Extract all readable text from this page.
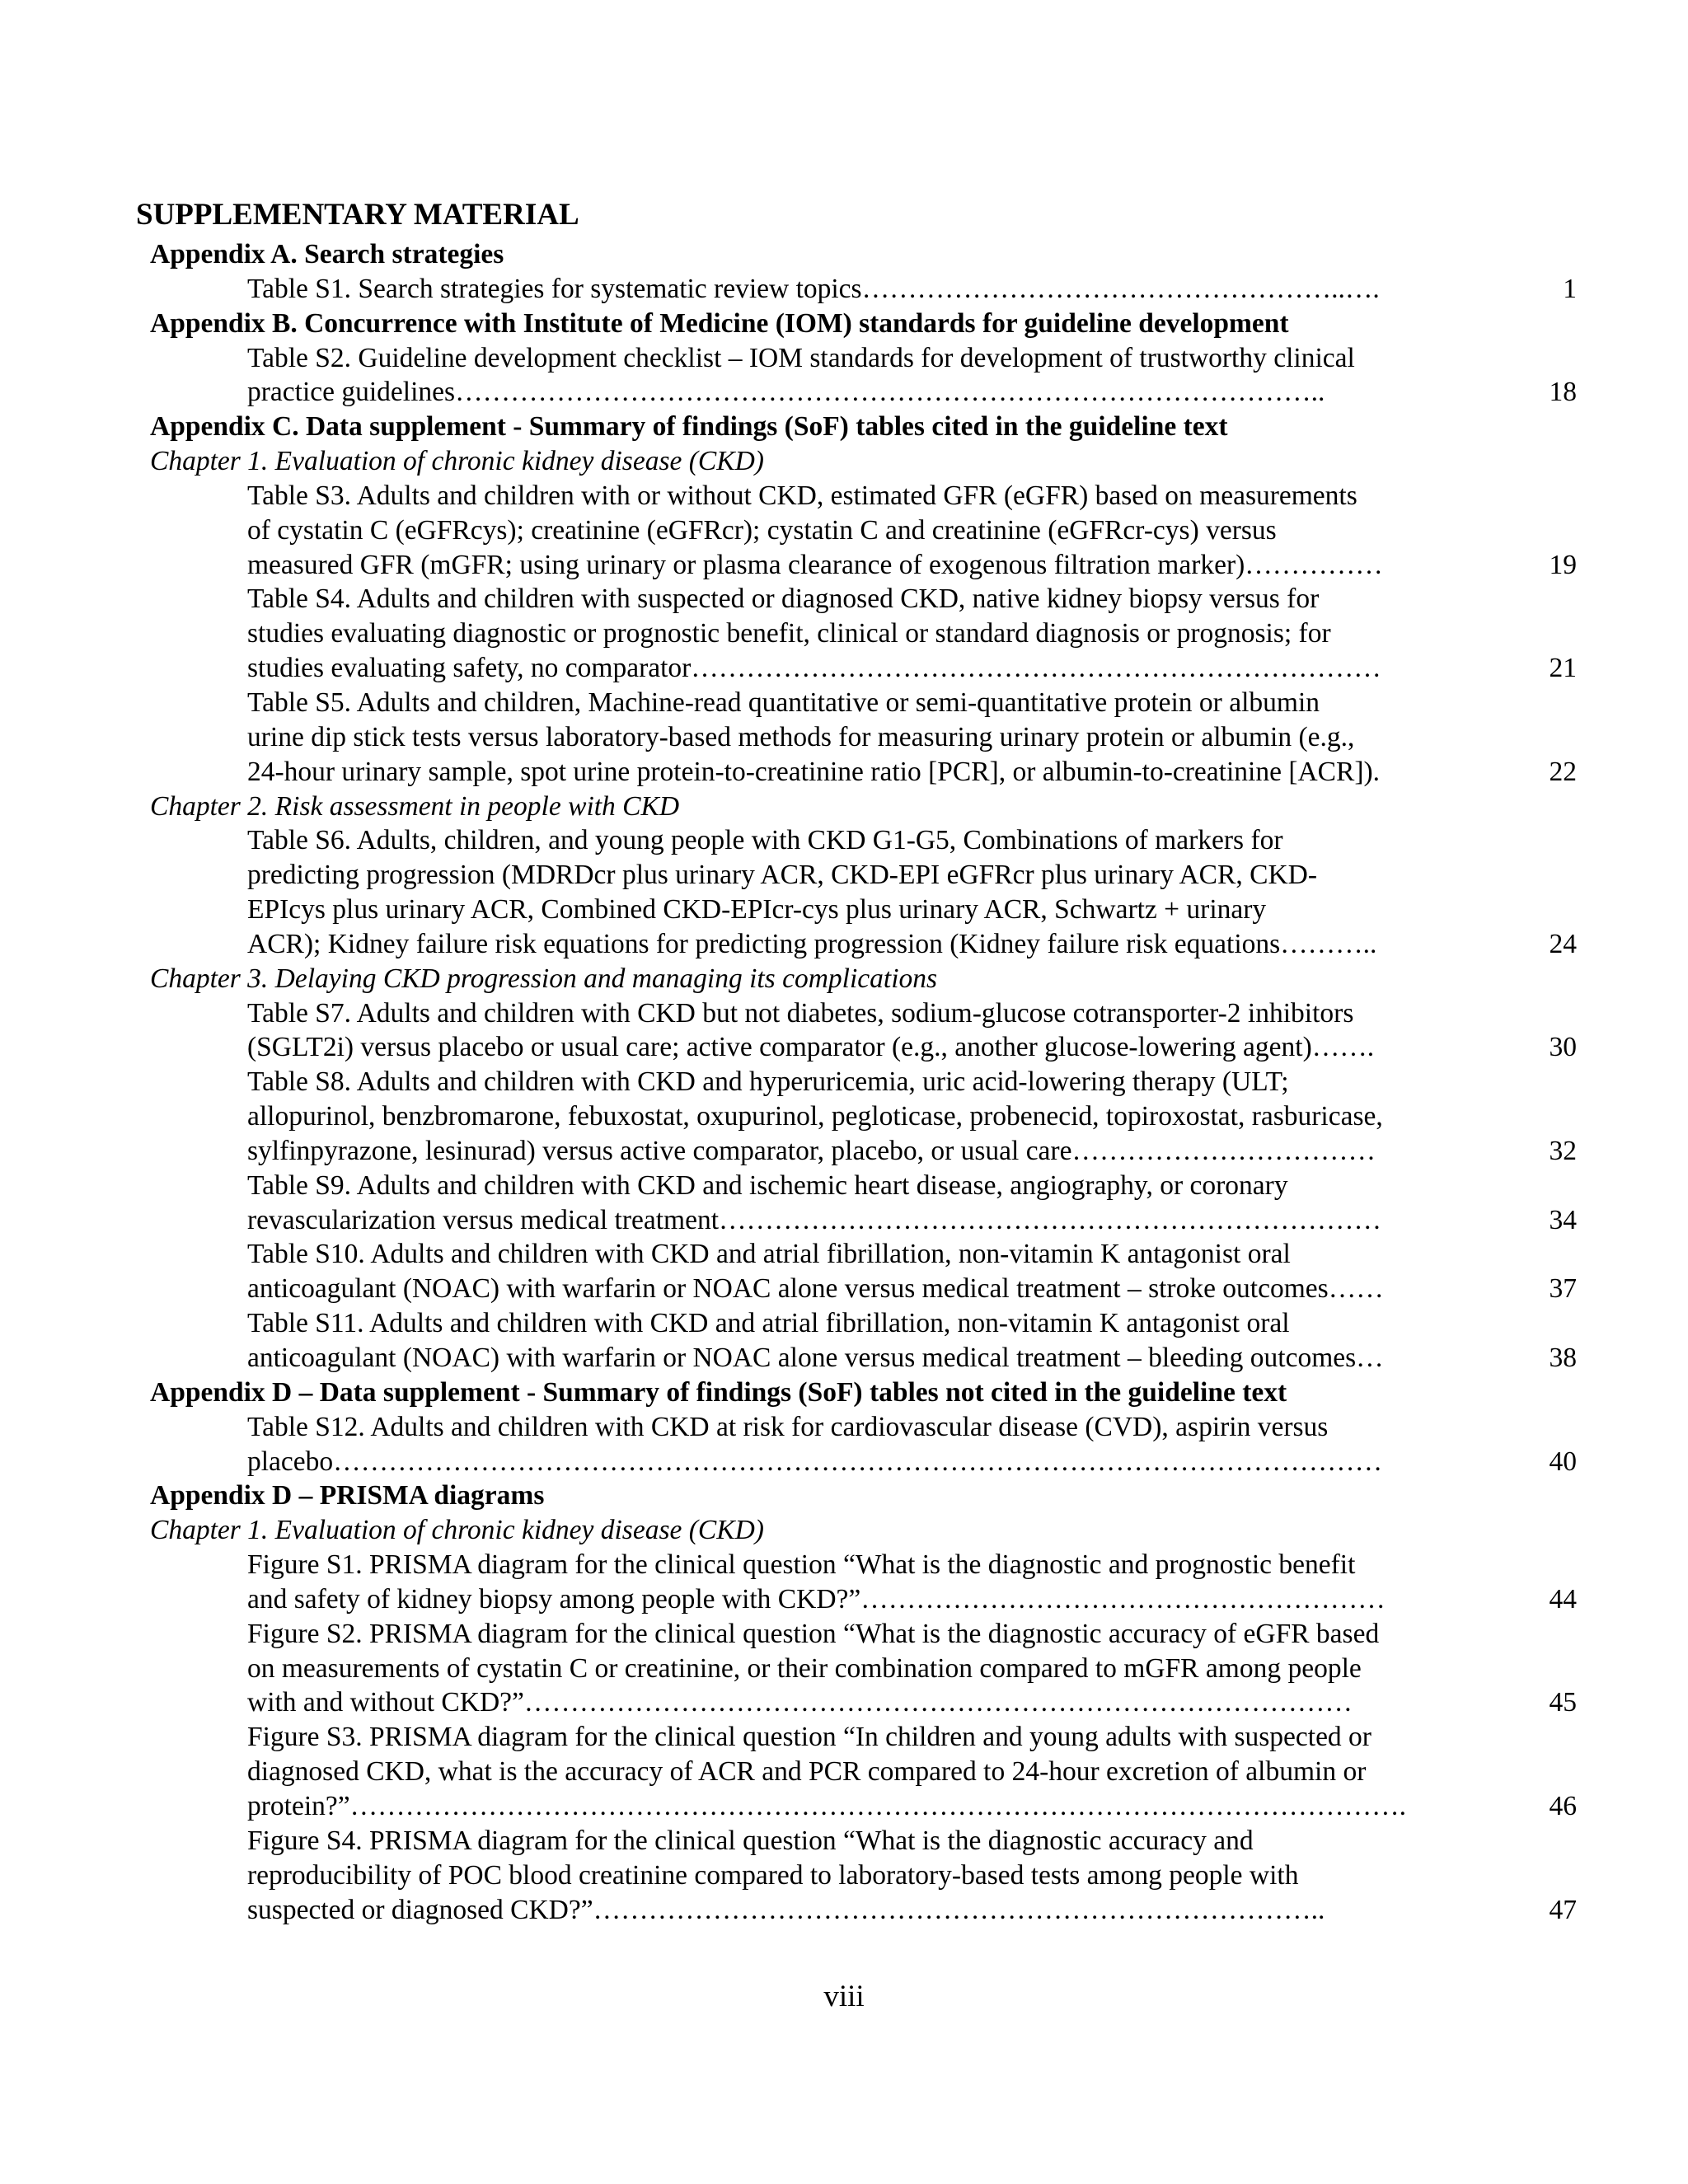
SUPPLEMENTARY MATERIAL
Appendix A. Search strategies
Table S1. Search strategies for systematic review topics……………………………………………..….	1
Appendix B. Concurrence with Institute of Medicine (IOM) standards for guideline development
Table S2. Guideline development checklist – IOM standards for development of trustworthy clinical
practice guidelines…………………………………………………………………………………..	18
Appendix C. Data supplement - Summary of findings (SoF) tables cited in the guideline text
Chapter 1. Evaluation of chronic kidney disease (CKD)
Table S3. Adults and children with or without CKD, estimated GFR (eGFR) based on measurements
of cystatin C (eGFRcys); creatinine (eGFRcr); cystatin C and creatinine (eGFRcr-cys) versus
measured GFR (mGFR; using urinary or plasma clearance of exogenous filtration marker)……………	19
Table S4. Adults and children with suspected or diagnosed CKD, native kidney biopsy versus for
studies evaluating diagnostic or prognostic benefit, clinical or standard diagnosis or prognosis; for
studies evaluating safety, no comparator…………………………………………………………………	21
Table S5. Adults and children, Machine-read quantitative or semi-quantitative protein or albumin
urine dip stick tests versus laboratory-based methods for measuring urinary protein or albumin (e.g.,
24-hour urinary sample, spot urine protein-to-creatinine ratio [PCR], or albumin-to-creatinine [ACR]).	22
Chapter 2. Risk assessment in people with CKD
Table S6. Adults, children, and young people with CKD G1-G5, Combinations of markers for
predicting progression (MDRDcr plus urinary ACR, CKD-EPI eGFRcr plus urinary ACR, CKD-
EPIcys plus urinary ACR, Combined CKD-EPIcr-cys plus urinary ACR, Schwartz + urinary
ACR); Kidney failure risk equations for predicting progression (Kidney failure risk equations………..	24
Chapter 3. Delaying CKD progression and managing its complications
Table S7. Adults and children with CKD but not diabetes, sodium-glucose cotransporter-2 inhibitors
(SGLT2i) versus placebo or usual care; active comparator (e.g., another glucose-lowering agent)…….	30
Table S8. Adults and children with CKD and hyperuricemia, uric acid-lowering therapy (ULT;
allopurinol, benzbromarone, febuxostat, oxupurinol, pegloticase, probenecid, topiroxostat, rasburicase,
sylfinpyrazone, lesinurad) versus active comparator, placebo, or usual care……………………………	32
Table S9. Adults and children with CKD and ischemic heart disease, angiography, or coronary
revascularization versus medical treatment………………………………………………………………	34
Table S10. Adults and children with CKD and atrial fibrillation, non-vitamin K antagonist oral
anticoagulant (NOAC) with warfarin or NOAC alone versus medical treatment – stroke outcomes……	37
Table S11. Adults and children with CKD and atrial fibrillation, non-vitamin K antagonist oral
anticoagulant (NOAC) with warfarin or NOAC alone versus medical treatment – bleeding outcomes…	38
Appendix D – Data supplement - Summary of findings (SoF) tables not cited in the guideline text
Table S12. Adults and children with CKD at risk for cardiovascular disease (CVD), aspirin versus
placebo……………………………………………………………………………………………………	40
Appendix D – PRISMA diagrams
Chapter 1. Evaluation of chronic kidney disease (CKD)
Figure S1. PRISMA diagram for the clinical question “What is the diagnostic and prognostic benefit
and safety of kidney biopsy among people with CKD?”…………………………………………………	44
Figure S2. PRISMA diagram for the clinical question “What is the diagnostic accuracy of eGFR based
on measurements of cystatin C or creatinine, or their combination compared to mGFR among people
with and without CKD?”………………………………………………………………………………	45
Figure S3. PRISMA diagram for the clinical question “In children and young adults with suspected or
diagnosed CKD, what is the accuracy of ACR and PCR compared to 24-hour excretion of albumin or
protein?”…………………………………………………………………………………………………….	46
Figure S4. PRISMA diagram for the clinical question “What is the diagnostic accuracy and
reproducibility of POC blood creatinine compared to laboratory-based tests among people with
suspected or diagnosed CKD?”……………………………………………………………………..	47
viii
